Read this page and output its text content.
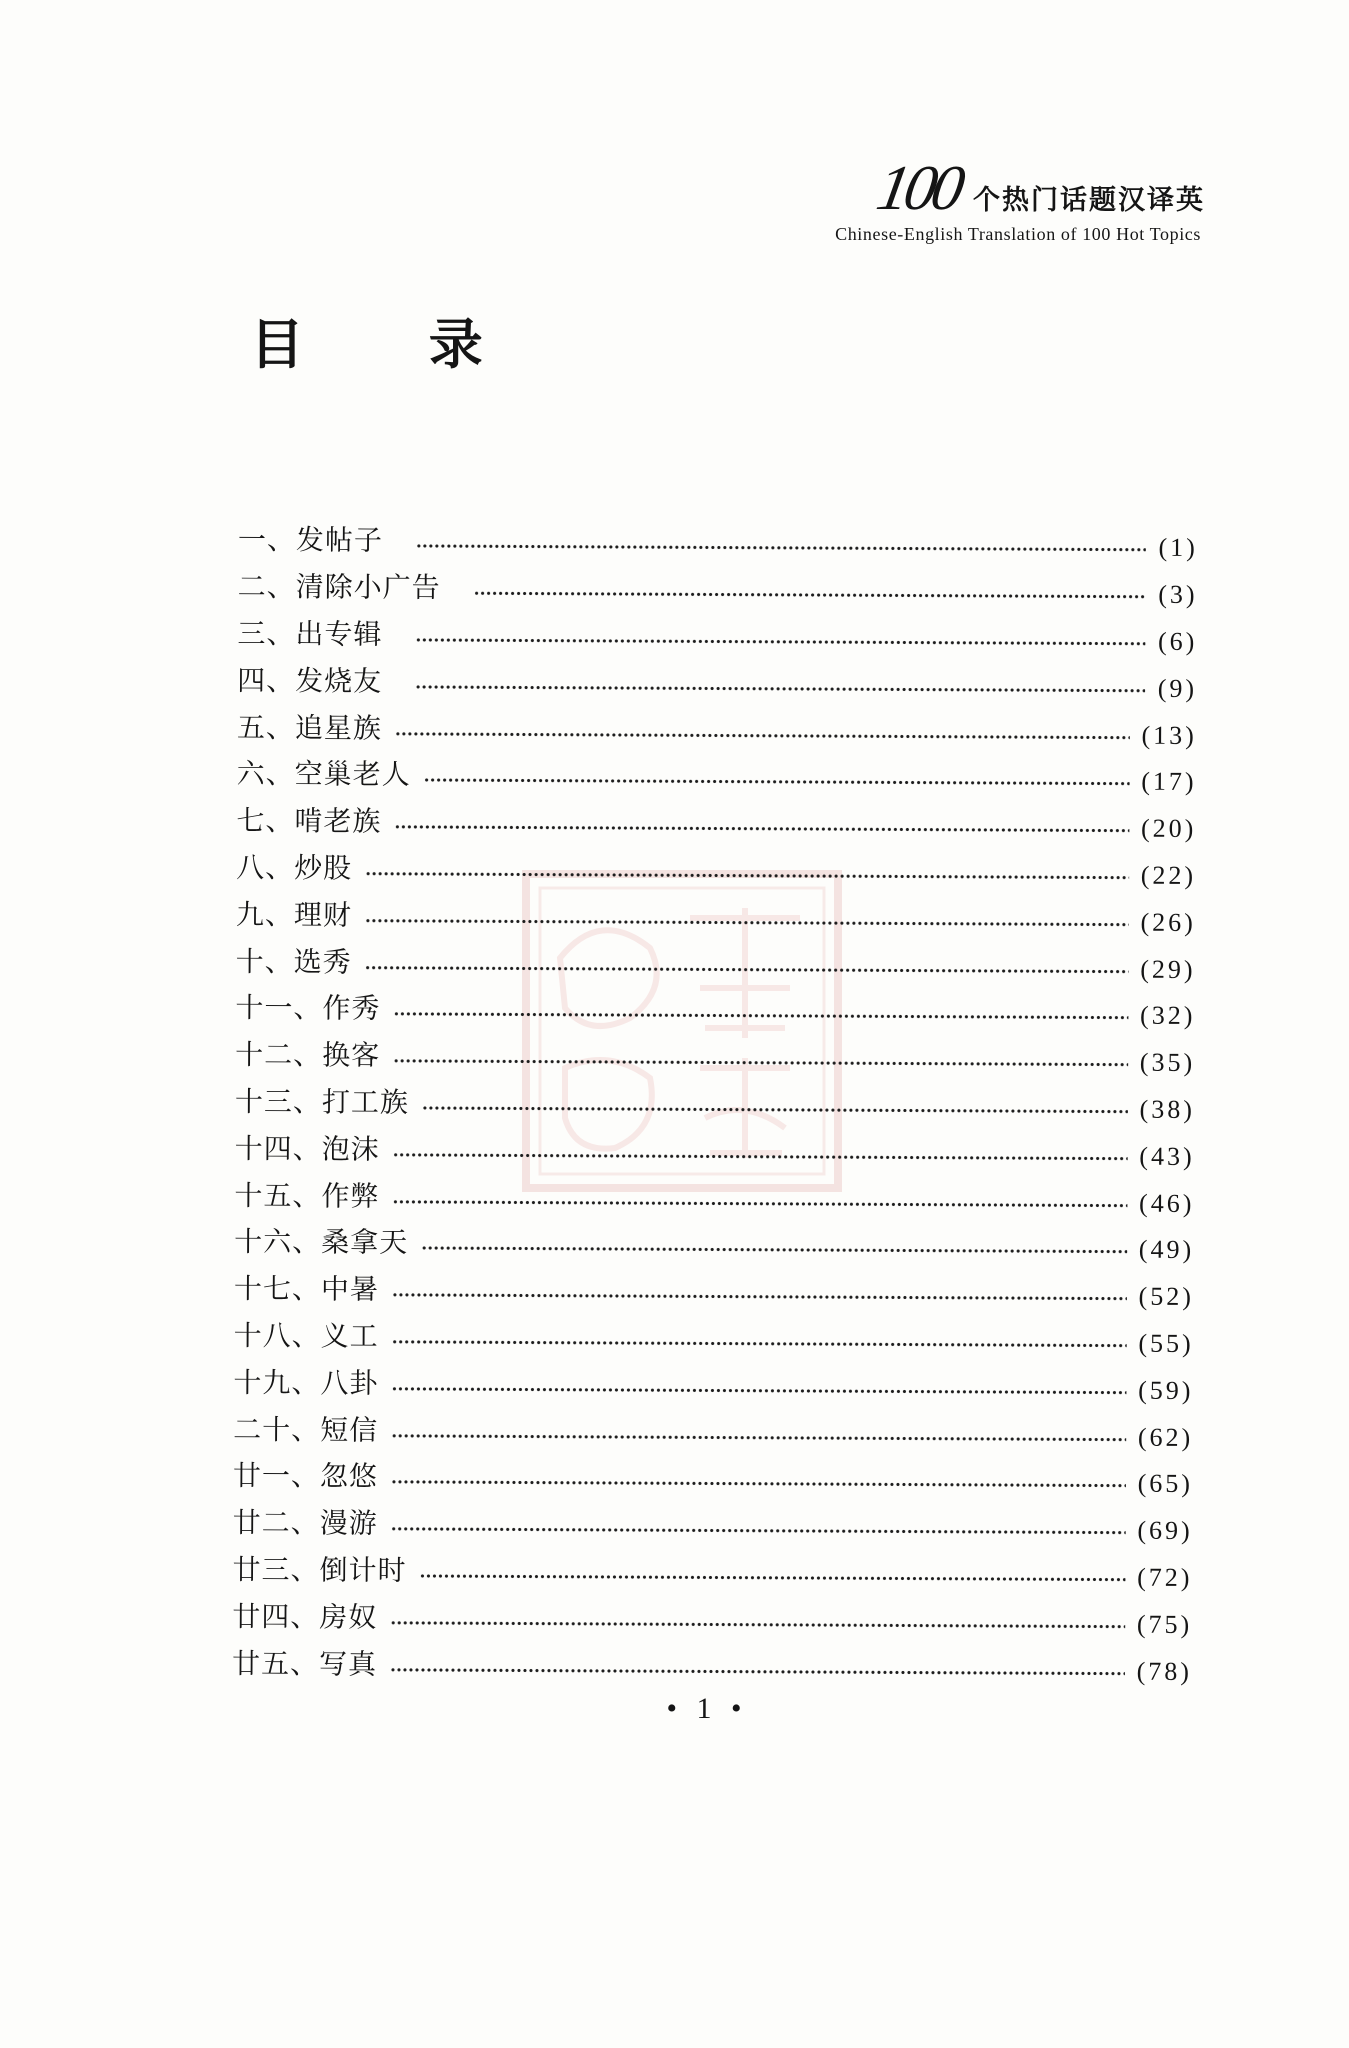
100 个热门话题汉译英
Chinese-English Translation of 100 Hot Topics
目 录
一、发帖子	(1)
二、清除小广告	(3)
三、出专辑	(6)
四、发烧友	(9)
五、追星族	(13)
六、空巢老人	(17)
七、啃老族	(20)
八、炒股	(22)
九、理财	(26)
十、选秀	(29)
十一、作秀	(32)
十二、换客	(35)
十三、打工族	(38)
十四、泡沫	(43)
十五、作弊	(46)
十六、桑拿天	(49)
十七、中暑	(52)
十八、义工	(55)
十九、八卦	(59)
二十、短信	(62)
廿一、忽悠	(65)
廿二、漫游	(69)
廿三、倒计时	(72)
廿四、房奴	(75)
廿五、写真	(78)
• 1 •
